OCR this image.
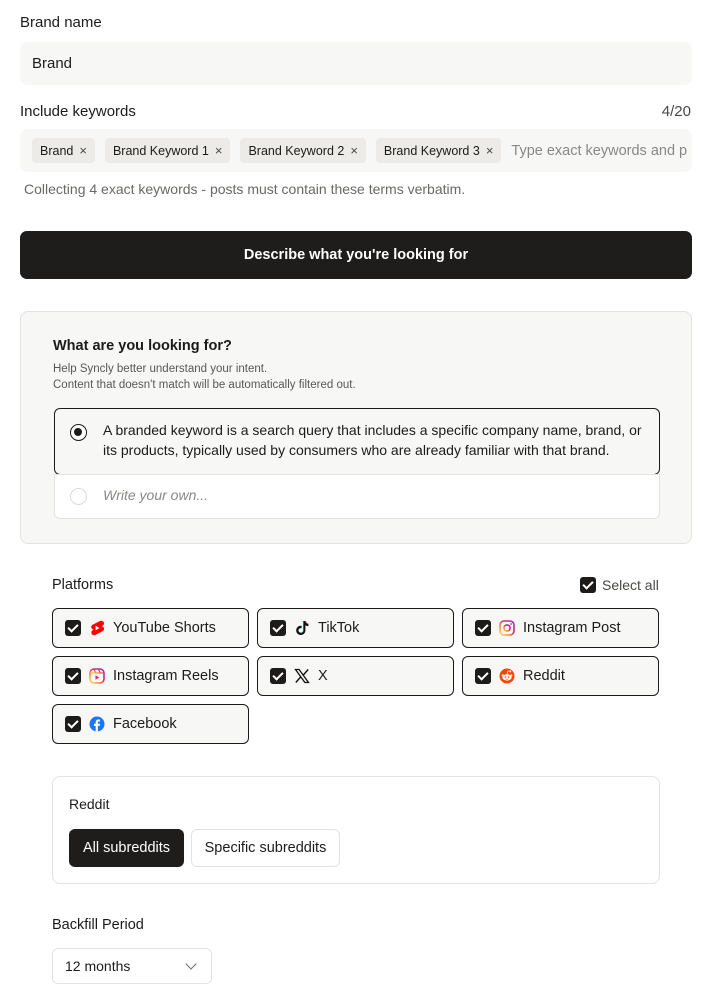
Brand name
Brand
Include keywords	4/20
Brand × Brand Keyword 1 × Brand Keyword 2 × Brand Keyword 3 ×
Type exact keywords and p
Collecting 4 exact keywords - posts must contain these terms verbatim.
Describe what you're looking for
What are you looking for?
Help Syncly better understand your intent.
Content that doesn't match will be automatically filtered out.
A branded keyword is a search query that includes a specific company name, brand, or its products, typically used by consumers who are already familiar with that brand.
Write your own...
Platforms	Select all
YouTube Shorts	TikTok	Instagram Post
Instagram Reels	X	Reddit
Facebook
Reddit
All subreddits	Specific subreddits
Backfill Period
12 months
